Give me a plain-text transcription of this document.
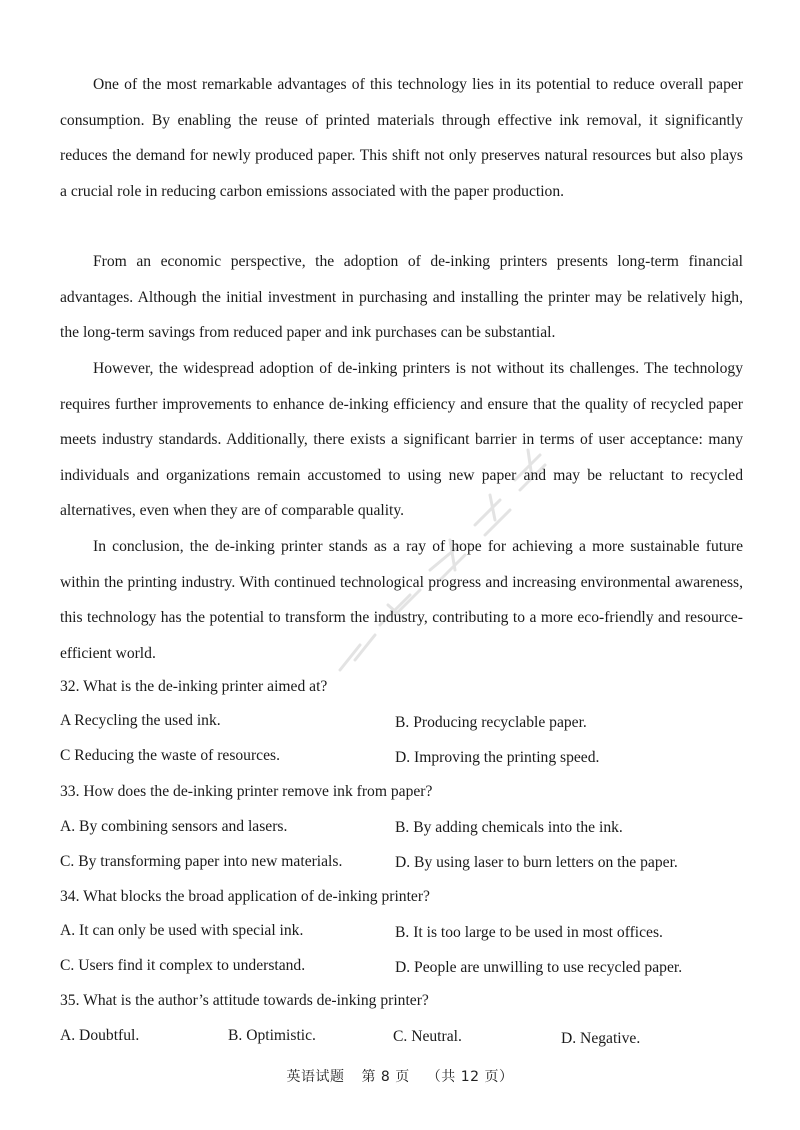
One of the most remarkable advantages of this technology lies in its potential to reduce overall paper consumption. By enabling the reuse of printed materials through effective ink removal, it significantly reduces the demand for newly produced paper. This shift not only preserves natural resources but also plays a crucial role in reducing carbon emissions associated with the paper production.

From an economic perspective, the adoption of de-inking printers presents long-term financial advantages. Although the initial investment in purchasing and installing the printer may be relatively high, the long-term savings from reduced paper and ink purchases can be substantial.

However, the widespread adoption of de-inking printers is not without its challenges. The technology requires further improvements to enhance de-inking efficiency and ensure that the quality of recycled paper meets industry standards. Additionally, there exists a significant barrier in terms of user acceptance: many individuals and organizations remain accustomed to using new paper and may be reluctant to recycled alternatives, even when they are of comparable quality.

In conclusion, the de-inking printer stands as a ray of hope for achieving a more sustainable future within the printing industry. With continued technological progress and increasing environmental awareness, this technology has the potential to transform the industry, contributing to a more eco-friendly and resource-efficient world.

32. What is the de-inking printer aimed at?
A Recycling the used ink.	B. Producing recyclable paper.
C Reducing the waste of resources.	D. Improving the printing speed.
33. How does the de-inking printer remove ink from paper?
A. By combining sensors and lasers.	B. By adding chemicals into the ink.
C. By transforming paper into new materials.	D. By using laser to burn letters on the paper.
34. What blocks the broad application of de-inking printer?
A. It can only be used with special ink.	B. It is too large to be used in most offices.
C. Users find it complex to understand.	D. People are unwilling to use recycled paper.
35. What is the author’s attitude towards de-inking printer?
A. Doubtful.	B. Optimistic.	C. Neutral.	D. Negative.
英语试题 第 8 页 （共 12 页）
